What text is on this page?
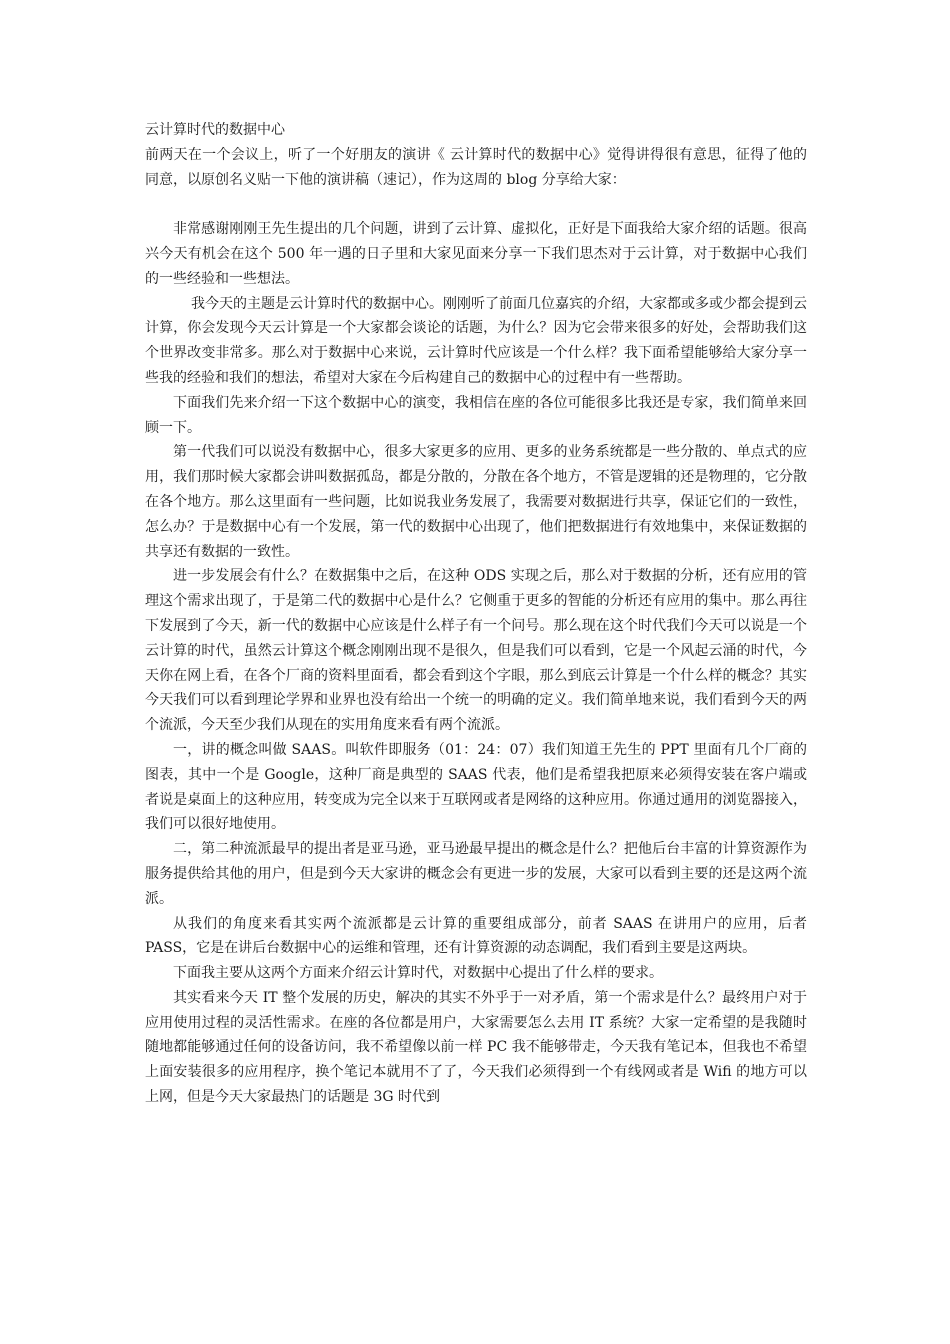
云计算时代的数据中心

前两天在一个会议上，听了一个好朋友的演讲《 云计算时代的数据中心》觉得讲得很有意思，征得了他的同意，以原创名义贴一下他的演讲稿（速记），作为这周的 blog 分享给大家：

非常感谢刚刚王先生提出的几个问题，讲到了云计算、虚拟化，正好是下面我给大家介绍的话题。很高兴今天有机会在这个 500 年一遇的日子里和大家见面来分享一下我们思杰对于云计算，对于数据中心我们的一些经验和一些想法。

我今天的主题是云计算时代的数据中心。刚刚听了前面几位嘉宾的介绍，大家都或多或少都会提到云计算，你会发现今天云计算是一个大家都会谈论的话题，为什么？因为它会带来很多的好处，会帮助我们这个世界改变非常多。那么对于数据中心来说，云计算时代应该是一个什么样？我下面希望能够给大家分享一些我的经验和我们的想法，希望对大家在今后构建自己的数据中心的过程中有一些帮助。

下面我们先来介绍一下这个数据中心的演变，我相信在座的各位可能很多比我还是专家，我们简单来回顾一下。

第一代我们可以说没有数据中心，很多大家更多的应用、更多的业务系统都是一些分散的、单点式的应用，我们那时候大家都会讲叫数据孤岛，都是分散的，分散在各个地方，不管是逻辑的还是物理的，它分散在各个地方。那么这里面有一些问题，比如说我业务发展了，我需要对数据进行共享，保证它们的一致性，怎么办？于是数据中心有一个发展，第一代的数据中心出现了，他们把数据进行有效地集中，来保证数据的共享还有数据的一致性。

进一步发展会有什么？在数据集中之后，在这种 ODS 实现之后，那么对于数据的分析，还有应用的管理这个需求出现了，于是第二代的数据中心是什么？它侧重于更多的智能的分析还有应用的集中。那么再往下发展到了今天，新一代的数据中心应该是什么样子有一个问号。那么现在这个时代我们今天可以说是一个云计算的时代，虽然云计算这个概念刚刚出现不是很久，但是我们可以看到，它是一个风起云涌的时代，今天你在网上看，在各个厂商的资料里面看，都会看到这个字眼，那么到底云计算是一个什么样的概念？其实今天我们可以看到理论学界和业界也没有给出一个统一的明确的定义。我们简单地来说，我们看到今天的两个流派，今天至少我们从现在的实用角度来看有两个流派。

一，讲的概念叫做 SAAS。叫软件即服务（01：24：07）我们知道王先生的 PPT 里面有几个厂商的图表，其中一个是 Google，这种厂商是典型的 SAAS 代表，他们是希望我把原来必须得安装在客户端或者说是桌面上的这种应用，转变成为完全以来于互联网或者是网络的这种应用。你通过通用的浏览器接入，我们可以很好地使用。

二，第二种流派最早的提出者是亚马逊，亚马逊最早提出的概念是什么？把他后台丰富的计算资源作为服务提供给其他的用户，但是到今天大家讲的概念会有更进一步的发展，大家可以看到主要的还是这两个流派。

从我们的角度来看其实两个流派都是云计算的重要组成部分，前者 SAAS 在讲用户的应用，后者 PASS，它是在讲后台数据中心的运维和管理，还有计算资源的动态调配，我们看到主要是这两块。

下面我主要从这两个方面来介绍云计算时代，对数据中心提出了什么样的要求。

其实看来今天 IT 整个发展的历史，解决的其实不外乎于一对矛盾，第一个需求是什么？最终用户对于应用使用过程的灵活性需求。在座的各位都是用户，大家需要怎么去用 IT 系统？大家一定希望的是我随时随地都能够通过任何的设备访问，我不希望像以前一样 PC 我不能够带走，今天我有笔记本，但我也不希望上面安装很多的应用程序，换个笔记本就用不了了，今天我们必须得到一个有线网或者是 Wifi 的地方可以上网，但是今天大家最热门的话题是 3G 时代到
